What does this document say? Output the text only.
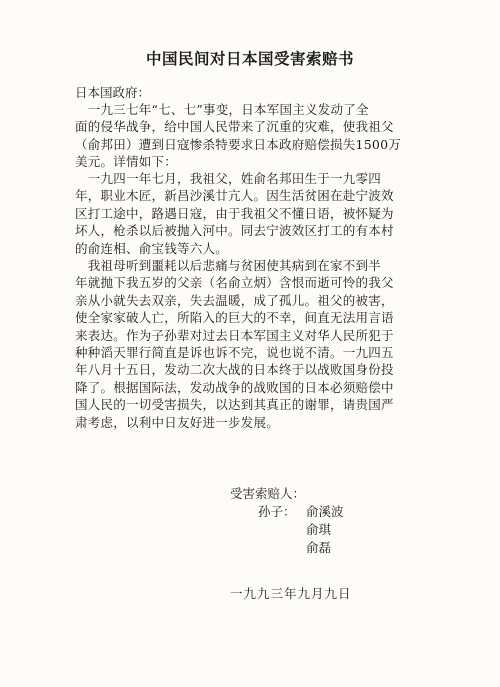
中国民间对日本国受害索赔书
日本国政府：
　一九三七年“七、七”事变，日本军国主义发动了全
面的侵华战争，给中国人民带来了沉重的灾难，使我祖父
（俞邦田）遭到日寇惨杀特要求日本政府赔偿损失1500万
美元。详情如下：
　一九四一年七月，我祖父，姓俞名邦田生于一九零四
年，职业木匠，新昌沙溪廿亢人。因生活贫困在赴宁波效
区打工途中，路遇日寇，由于我祖父不懂日语，被怀疑为
坏人，枪杀以后被抛入河中。同去宁波效区打工的有本村
的俞连相、俞宝钱等六人。
　我祖母听到噩耗以后悲痛与贫困使其病到在家不到半
年就抛下我五岁的父亲（名俞立炳）含恨而逝可怜的我父
亲从小就失去双亲，失去温暖，成了孤儿。祖父的被害，
使全家家破人亡，所陷入的巨大的不幸，间直无法用言语
来表达。作为子孙辈对过去日本军国主义对华人民所犯于
种种滔天罪行简直是诉也诉不完，说也说不清。一九四五
年八月十五日，发动二次大战的日本终于以战败国身份投
降了。根据国际法，发动战争的战败国的日本必须赔偿中
国人民的一切受害损失，以达到其真正的谢罪，请贵国严
肃考虑，以利中日友好进一步发展。
受害索赔人：
孙子： 俞溪波
俞琪
俞磊
一九九三年九月九日
